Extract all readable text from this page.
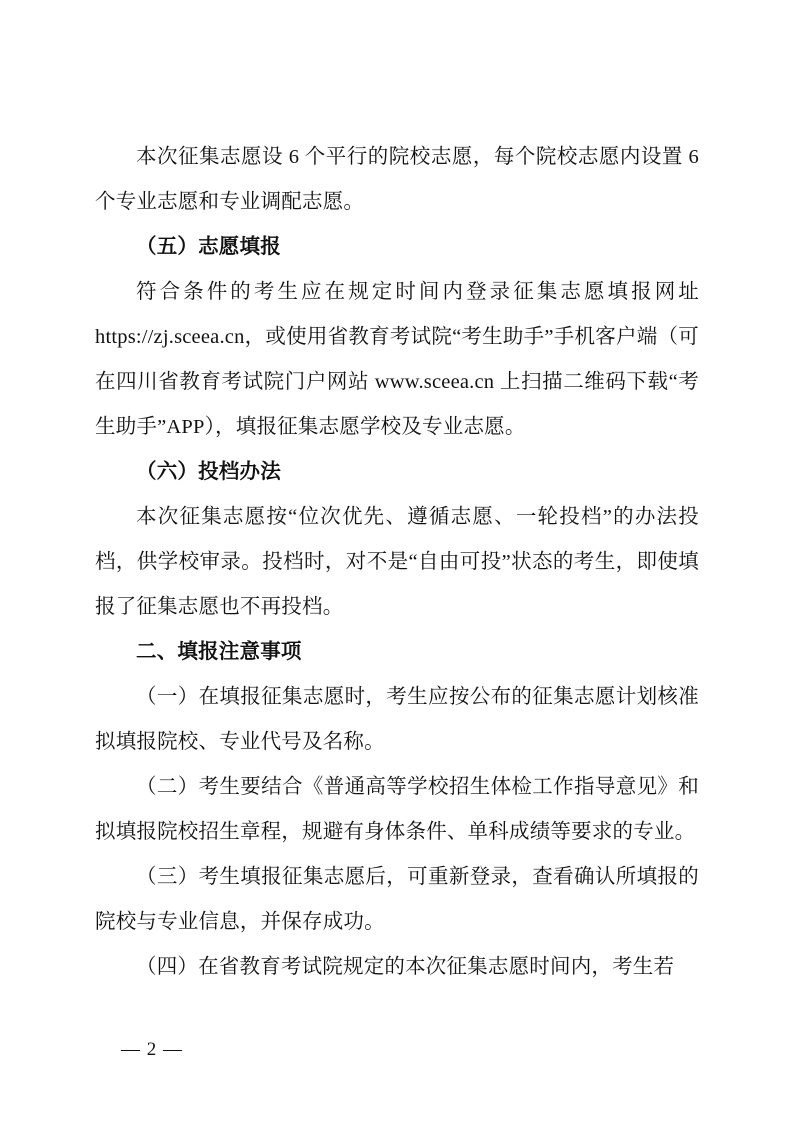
本次征集志愿设 6 个平行的院校志愿，每个院校志愿内设置 6 个专业志愿和专业调配志愿。

（五）志愿填报

符合条件的考生应在规定时间内登录征集志愿填报网址 https://zj.sceea.cn，或使用省教育考试院“考生助手”手机客户端（可在四川省教育考试院门户网站 www.sceea.cn 上扫描二维码下载“考生助手”APP），填报征集志愿学校及专业志愿。

（六）投档办法

本次征集志愿按“位次优先、遵循志愿、一轮投档”的办法投档，供学校审录。投档时，对不是“自由可投”状态的考生，即使填报了征集志愿也不再投档。

二、填报注意事项

（一）在填报征集志愿时，考生应按公布的征集志愿计划核准拟填报院校、专业代号及名称。

（二）考生要结合《普通高等学校招生体检工作指导意见》和拟填报院校招生章程，规避有身体条件、单科成绩等要求的专业。

（三）考生填报征集志愿后，可重新登录，查看确认所填报的院校与专业信息，并保存成功。

（四）在省教育考试院规定的本次征集志愿时间内，考生若

— 2 —
